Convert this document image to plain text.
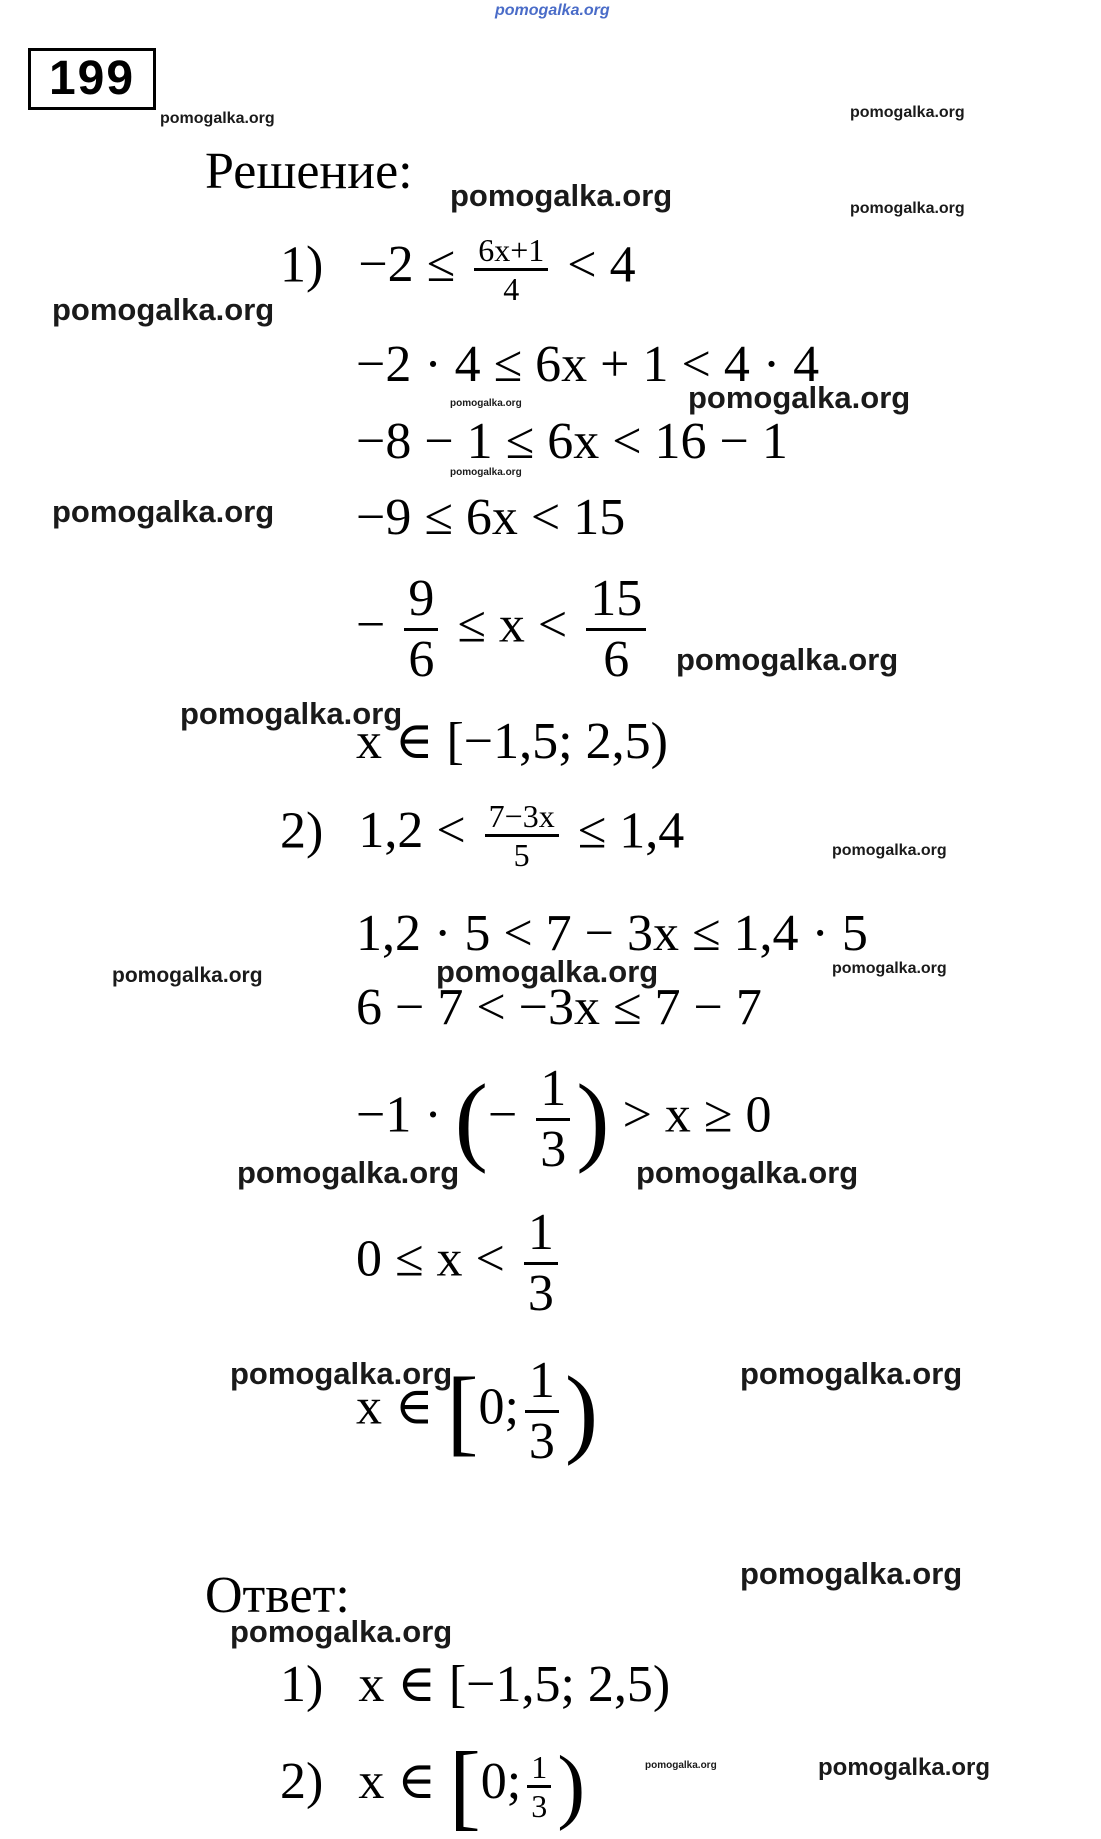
pomogalka.org
199
pomogalka.org	pomogalka.org
pomogalka.org	pomogalka.org
pomogalka.org
pomogalka.org
pomogalka.org
pomogalka.org
pomogalka.org
pomogalka.org
pomogalka.org
pomogalka.org
pomogalka.org	pomogalka.org	pomogalka.org
pomogalka.org	pomogalka.org
pomogalka.org	pomogalka.org
pomogalka.org
pomogalka.org
pomogalka.org	pomogalka.org
Решение:
$1) -2 \le \frac{6x+1}{4} < 4$
−2 · 4 ≤ 6x + 1 < 4 · 4
−8 − 1 ≤ 6x < 16 − 1
−9 ≤ 6x < 15
− $\frac{9}{6} \le x < \frac{15}{6}$
x ∈ [−1,5; 2,5)
2) $1,2 < \frac{7-3x}{5} \le 1,4$
1,2 · 5 < 7 − 3x ≤ 1,4 · 5
6 − 7 < −3x ≤ 7 − 7
−1 · (− $\frac{1}{3}$ ) > x ≥ 0
$0 \le x < \frac{1}{3}$
x ∈ [0; $\frac{1}{3}$ )
Ответ:
1) x ∈ [−1,5; 2,5)
2) x ∈ [0; $\frac{1}{3}$ )
